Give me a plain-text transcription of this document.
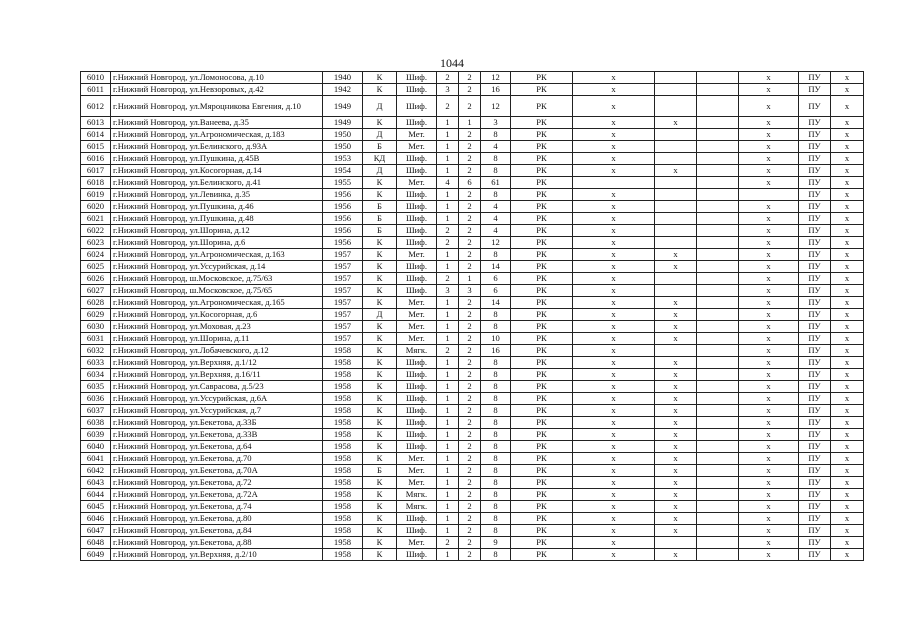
1044
6010	г.Нижний Новгород, ул.Ломоносова, д.10	1940	К	Шиф.	2	2	12	РК	х			х	ПУ	х
6011	г.Нижний Новгород, ул.Невзоровых, д.42	1942	К	Шиф.	3	2	16	РК	х			х	ПУ	х
6012	г.Нижний Новгород, ул.Мяроцникова Евгения, д.10	1949	Д	Шиф.	2	2	12	РК	х			х	ПУ	х
6013	г.Нижний Новгород, ул.Ванеева, д.35	1949	К	Шиф.	1	1	3	РК	х	х		х	ПУ	х
6014	г.Нижний Новгород, ул.Агрономическая, д.183	1950	Д	Мет.	1	2	8	РК	х			х	ПУ	х
6015	г.Нижний Новгород, ул.Белинского, д.93А	1950	Б	Мет.	1	2	4	РК	х			х	ПУ	х
6016	г.Нижний Новгород, ул.Пушкина, д.45В	1953	КД	Шиф.	1	2	8	РК	х			х	ПУ	х
6017	г.Нижний Новгород, ул.Косогорная, д.14	1954	Д	Шиф.	1	2	8	РК	х	х		х	ПУ	х
6018	г.Нижний Новгород, ул.Белинского, д.41	1955	К	Мет.	4	6	61	РК				х	ПУ	х
6019	г.Нижний Новгород, ул.Левинка, д.35	1956	К	Шиф.	1	2	8	РК	х				ПУ	х
6020	г.Нижний Новгород, ул.Пушкина, д.46	1956	Б	Шиф.	1	2	4	РК	х			х	ПУ	х
6021	г.Нижний Новгород, ул.Пушкина, д.48	1956	Б	Шиф.	1	2	4	РК	х			х	ПУ	х
6022	г.Нижний Новгород, ул.Шорина, д.12	1956	Б	Шиф.	2	2	4	РК	х			х	ПУ	х
6023	г.Нижний Новгород, ул.Шорина, д.6	1956	К	Шиф.	2	2	12	РК	х			х	ПУ	х
6024	г.Нижний Новгород, ул.Агрономическая, д.163	1957	К	Мет.	1	2	8	РК	х	х		х	ПУ	х
6025	г.Нижний Новгород, ул.Уссурийская, д.14	1957	К	Шиф.	1	2	14	РК	х	х		х	ПУ	х
6026	г.Нижний Новгород, ш.Московское, д.75/63	1957	К	Шиф.	2	1	6	РК	х			х	ПУ	х
6027	г.Нижний Новгород, ш.Московское, д.75/65	1957	К	Шиф.	3	3	6	РК	х			х	ПУ	х
6028	г.Нижний Новгород, ул.Агрономическая, д.165	1957	К	Мет.	1	2	14	РК	х	х		х	ПУ	х
6029	г.Нижний Новгород, ул.Косогорная, д.6	1957	Д	Мет.	1	2	8	РК	х	х		х	ПУ	х
6030	г.Нижний Новгород, ул.Моховая, д.23	1957	К	Мет.	1	2	8	РК	х	х		х	ПУ	х
6031	г.Нижний Новгород, ул.Шорина, д.11	1957	К	Мет.	1	2	10	РК	х	х		х	ПУ	х
6032	г.Нижний Новгород, ул.Лобачевского, д.12	1958	К	Мягк.	2	2	16	РК	х			х	ПУ	х
6033	г.Нижний Новгород, ул.Верхняя, д.1/12	1958	К	Шиф.	1	2	8	РК	х	х		х	ПУ	х
6034	г.Нижний Новгород, ул.Верхняя, д.16/11	1958	К	Шиф.	1	2	8	РК	х	х		х	ПУ	х
6035	г.Нижний Новгород, ул.Саврасова, д.5/23	1958	К	Шиф.	1	2	8	РК	х	х		х	ПУ	х
6036	г.Нижний Новгород, ул.Уссурийская, д.6А	1958	К	Шиф.	1	2	8	РК	х	х		х	ПУ	х
6037	г.Нижний Новгород, ул.Уссурийская, д.7	1958	К	Шиф.	1	2	8	РК	х	х		х	ПУ	х
6038	г.Нижний Новгород, ул.Бекетова, д.33Б	1958	К	Шиф.	1	2	8	РК	х	х		х	ПУ	х
6039	г.Нижний Новгород, ул.Бекетова, д.33В	1958	К	Шиф.	1	2	8	РК	х	х		х	ПУ	х
6040	г.Нижний Новгород, ул.Бекетова, д.64	1958	К	Шиф.	1	2	8	РК	х	х		х	ПУ	х
6041	г.Нижний Новгород, ул.Бекетова, д.70	1958	К	Мет.	1	2	8	РК	х	х		х	ПУ	х
6042	г.Нижний Новгород, ул.Бекетова, д.70А	1958	Б	Мет.	1	2	8	РК	х	х		х	ПУ	х
6043	г.Нижний Новгород, ул.Бекетова, д.72	1958	К	Мет.	1	2	8	РК	х	х		х	ПУ	х
6044	г.Нижний Новгород, ул.Бекетова, д.72А	1958	К	Мягк.	1	2	8	РК	х	х		х	ПУ	х
6045	г.Нижний Новгород, ул.Бекетова, д.74	1958	К	Мягк.	1	2	8	РК	х	х		х	ПУ	х
6046	г.Нижний Новгород, ул.Бекетова, д.80	1958	К	Шиф.	1	2	8	РК	х	х		х	ПУ	х
6047	г.Нижний Новгород, ул.Бекетова, д.84	1958	К	Шиф.	1	2	8	РК	х	х		х	ПУ	х
6048	г.Нижний Новгород, ул.Бекетова, д.88	1958	К	Мет.	2	2	9	РК	х			х	ПУ	х
6049	г.Нижний Новгород, ул.Верхняя, д.2/10	1958	К	Шиф.	1	2	8	РК	х	х		х	ПУ	х
